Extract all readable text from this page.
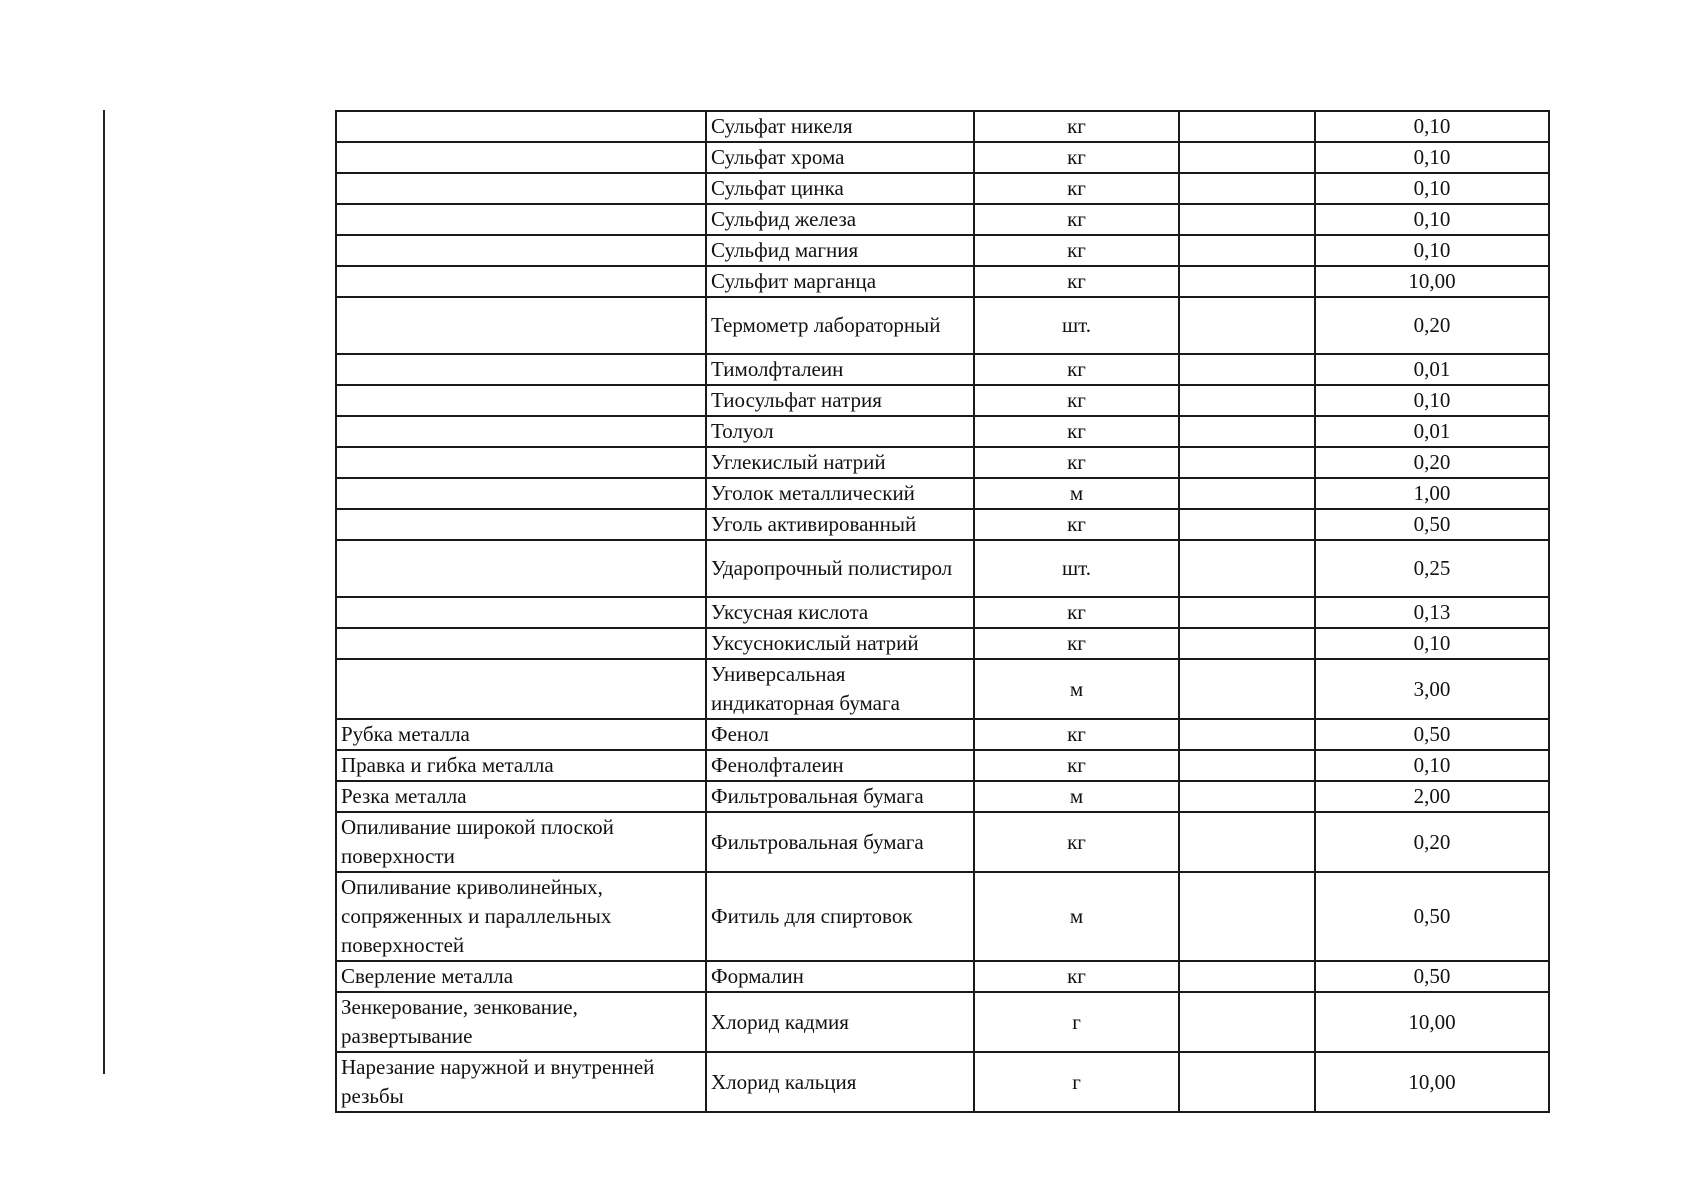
	Сульфат никеля	кг		0,10
	Сульфат хрома	кг		0,10
	Сульфат цинка	кг		0,10
	Сульфид железа	кг		0,10
	Сульфид магния	кг		0,10
	Сульфит марганца	кг		10,00
	Термометр лабораторный	шт.		0,20
	Тимолфталеин	кг		0,01
	Тиосульфат натрия	кг		0,10
	Толуол	кг		0,01
	Углекислый натрий	кг		0,20
	Уголок металлический	м		1,00
	Уголь активированный	кг		0,50
	Ударопрочный полистирол	шт.		0,25
	Уксусная кислота	кг		0,13
	Уксуснокислый натрий	кг		0,10
	Универсальная индикаторная бумага	м		3,00
Рубка металла	Фенол	кг		0,50
Правка и гибка металла	Фенолфталеин	кг		0,10
Резка металла	Фильтровальная бумага	м		2,00
Опиливание широкой плоской поверхности	Фильтровальная бумага	кг		0,20
Опиливание криволинейных, сопряженных и параллельных поверхностей	Фитиль для спиртовок	м		0,50
Сверление металла	Формалин	кг		0,50
Зенкерование, зенкование, развертывание	Хлорид кадмия	г		10,00
Нарезание наружной и внутренней резьбы	Хлорид кальция	г		10,00
